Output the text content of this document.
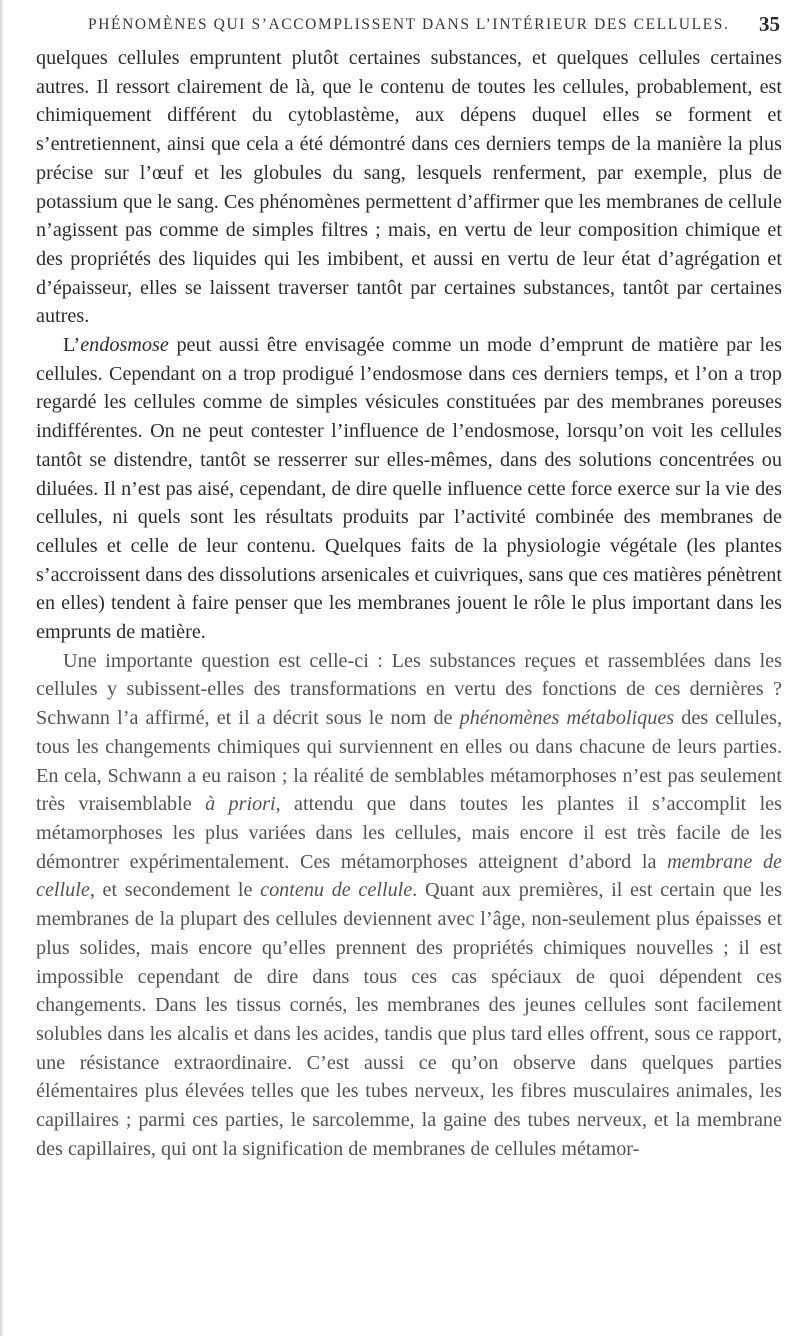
PHÉNOMÈNES QUI S’ACCOMPLISSENT DANS L’INTÉRIEUR DES CELLULES. 35

quelques cellules empruntent plutôt certaines substances, et quelques cellules certaines autres. Il ressort clairement de là, que le contenu de toutes les cellules, probablement, est chimiquement différent du cytoblastème, aux dépens duquel elles se forment et s’entretiennent, ainsi que cela a été démontré dans ces derniers temps de la manière la plus précise sur l’œuf et les globules du sang, lesquels renferment, par exemple, plus de potassium que le sang. Ces phénomènes permettent d’affirmer que les membranes de cellule n’agissent pas comme de simples filtres ; mais, en vertu de leur composition chimique et des propriétés des liquides qui les imbibent, et aussi en vertu de leur état d’agrégation et d’épaisseur, elles se laissent traverser tantôt par certaines substances, tantôt par certaines autres.

L’endosmose peut aussi être envisagée comme un mode d’emprunt de matière par les cellules. Cependant on a trop prodigué l’endosmose dans ces derniers temps, et l’on a trop regardé les cellules comme de simples vésicules constituées par des membranes poreuses indifférentes. On ne peut contester l’influence de l’endosmose, lorsqu’on voit les cellules tantôt se distendre, tantôt se resserrer sur elles-mêmes, dans des solutions concentrées ou diluées. Il n’est pas aisé, cependant, de dire quelle influence cette force exerce sur la vie des cellules, ni quels sont les résultats produits par l’activité combinée des membranes de cellules et celle de leur contenu. Quelques faits de la physiologie végétale (les plantes s’accroissent dans des dissolutions arsenicales et cuivriques, sans que ces matières pénètrent en elles) tendent à faire penser que les membranes jouent le rôle le plus important dans les emprunts de matière.

Une importante question est celle-ci : Les substances reçues et rassemblées dans les cellules y subissent-elles des transformations en vertu des fonctions de ces dernières ? Schwann l’a affirmé, et il a décrit sous le nom de phénomènes métaboliques des cellules, tous les changements chimiques qui surviennent en elles ou dans chacune de leurs parties. En cela, Schwann a eu raison ; la réalité de semblables métamorphoses n’est pas seulement très vraisemblable à priori, attendu que dans toutes les plantes il s’accomplit les métamorphoses les plus variées dans les cellules, mais encore il est très facile de les démontrer expérimentalement. Ces métamorphoses atteignent d’abord la membrane de cellule, et secondement le contenu de cellule. Quant aux premières, il est certain que les membranes de la plupart des cellules deviennent avec l’âge, non-seulement plus épaisses et plus solides, mais encore qu’elles prennent des propriétés chimiques nouvelles ; il est impossible cependant de dire dans tous ces cas spéciaux de quoi dépendent ces changements. Dans les tissus cornés, les membranes des jeunes cellules sont facilement solubles dans les alcalis et dans les acides, tandis que plus tard elles offrent, sous ce rapport, une résistance extraordinaire. C’est aussi ce qu’on observe dans quelques parties élémentaires plus élevées telles que les tubes nerveux, les fibres musculaires animales, les capillaires ; parmi ces parties, le sarcolemme, la gaine des tubes nerveux, et la membrane des capillaires, qui ont la signification de membranes de cellules métamor-
